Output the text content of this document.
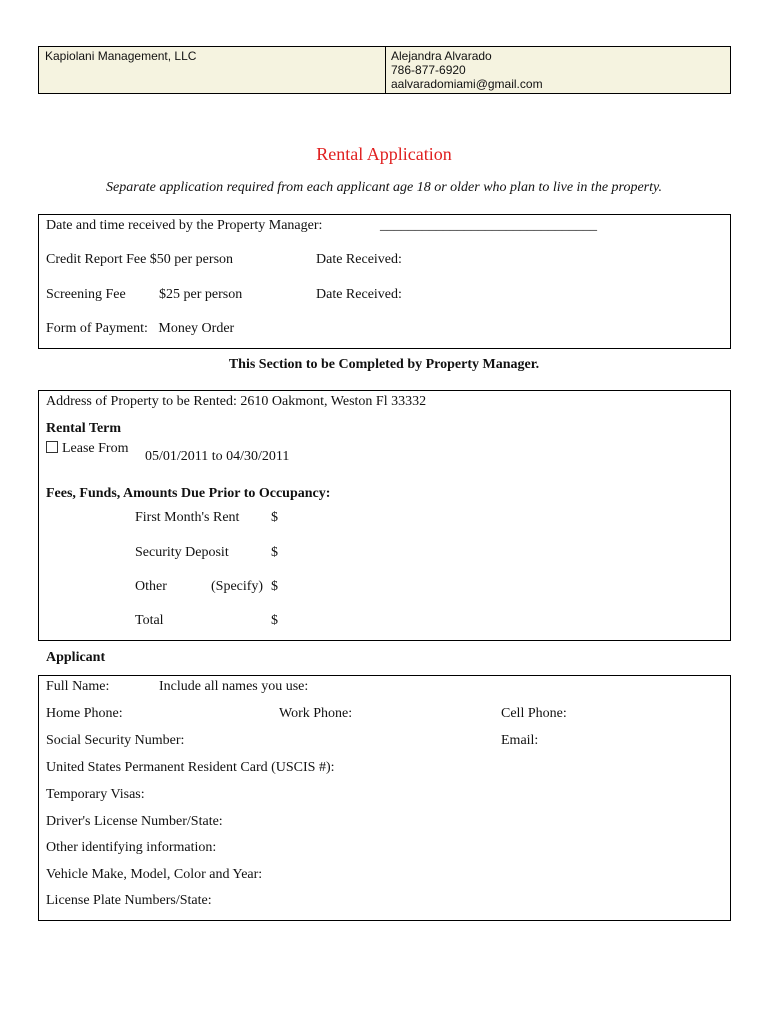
Kapiolani Management, LLC	Alejandra Alvarado
786-877-6920
aalvaradomiami@gmail.com
Rental Application
Separate application required from each applicant age 18 or older who plan to live in the property.
Date and time received by the Property Manager:	_______________________________
Credit Report Fee $50 per person	Date Received:
Screening Fee $25 per person	Date Received:
Form of Payment:   Money Order
This Section to be Completed by Property Manager.
Address of Property to be Rented: 2610 Oakmont, Weston Fl 33332
Rental Term
Lease From
05/01/2011 to 04/30/2011
Fees, Funds, Amounts Due Prior to Occupancy:
First Month's Rent $
Security Deposit	$
Other	(Specify) $
Total	$
Applicant
Full Name:	Include all names you use:
Home Phone:	Work Phone:	Cell Phone:
Social Security Number:	Email:
United States Permanent Resident Card (USCIS #):
Temporary Visas:
Driver's License Number/State:
Other identifying information:
Vehicle Make, Model, Color and Year:
License Plate Numbers/State:
